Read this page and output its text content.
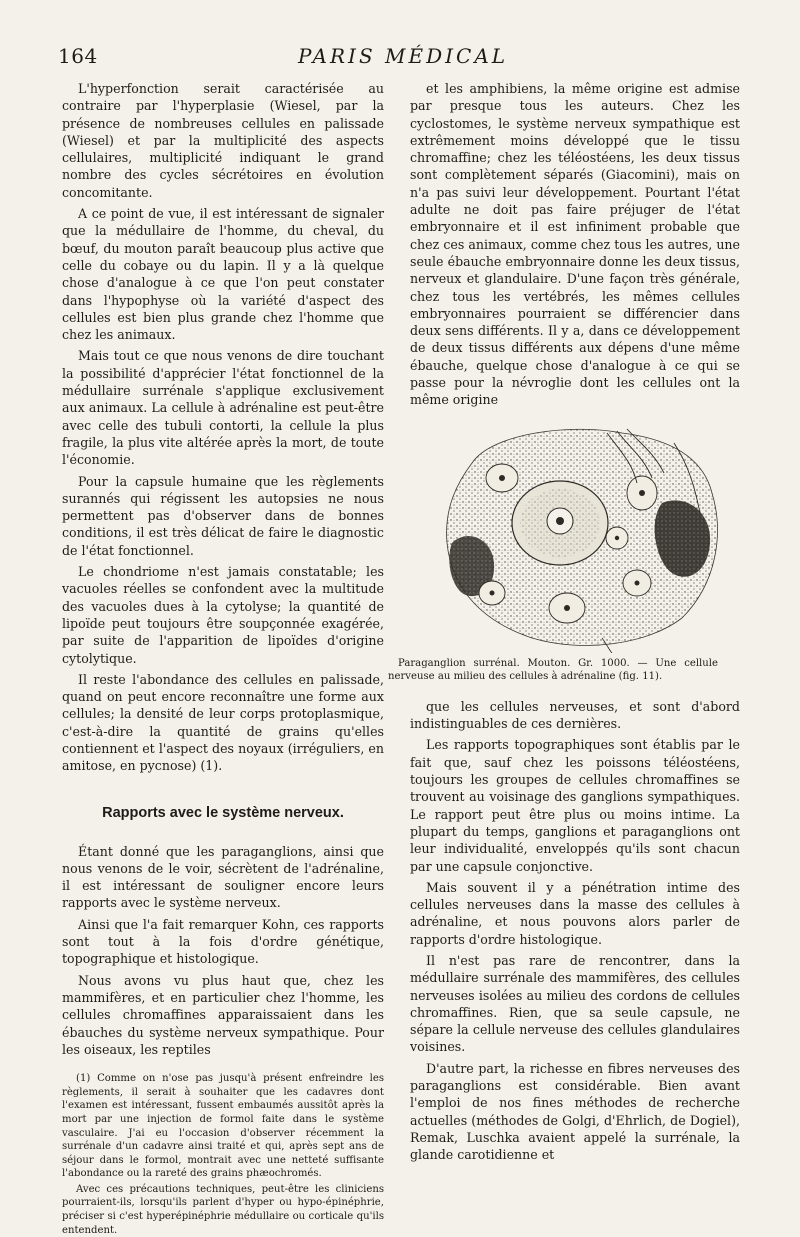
164	PARIS MÉDICAL

L'hyperfonction serait caractérisée au contraire par l'hyperplasie (Wiesel, par la présence de nombreuses cellules en palissade (Wiesel) et par la multiplicité des aspects cellulaires, multiplicité indiquant le grand nombre des cycles sécrétoires en évolution concomitante.

A ce point de vue, il est intéressant de signaler que la médullaire de l'homme, du cheval, du bœuf, du mouton paraît beaucoup plus active que celle du cobaye ou du lapin. Il y a là quelque chose d'analogue à ce que l'on peut constater dans l'hypophyse où la variété d'aspect des cellules est bien plus grande chez l'homme que chez les animaux.

Mais tout ce que nous venons de dire touchant la possibilité d'apprécier l'état fonctionnel de la médullaire surrénale s'applique exclusivement aux animaux. La cellule à adrénaline est peut-être avec celle des tubuli contorti, la cellule la plus fragile, la plus vite altérée après la mort, de toute l'économie.

Pour la capsule humaine que les règlements surannés qui régissent les autopsies ne nous permettent pas d'observer dans de bonnes conditions, il est très délicat de faire le diagnostic de l'état fonctionnel.

Le chondriome n'est jamais constatable; les vacuoles réelles se confondent avec la multitude des vacuoles dues à la cytolyse; la quantité de lipoïde peut toujours être soupçonnée exagérée, par suite de l'apparition de lipoïdes d'origine cytolytique.

Il reste l'abondance des cellules en palissade, quand on peut encore reconnaître une forme aux cellules; la densité de leur corps protoplasmique, c'est-à-dire la quantité de grains qu'elles contiennent et l'aspect des noyaux (irréguliers, en amitose, en pycnose) (1).

Rapports avec le système nerveux.

Étant donné que les paraganglions, ainsi que nous venons de le voir, sécrètent de l'adrénaline, il est intéressant de souligner encore leurs rapports avec le système nerveux.

Ainsi que l'a fait remarquer Kohn, ces rapports sont tout à la fois d'ordre génétique, topographique et histologique.

Nous avons vu plus haut que, chez les mammifères, et en particulier chez l'homme, les cellules chromaffines apparaissaient dans les ébauches du système nerveux sympathique. Pour les oiseaux, les reptiles

(1) Comme on n'ose pas jusqu'à présent enfreindre les règlements, il serait à souhaiter que les cadavres dont l'examen est intéressant, fussent embaumés aussitôt après la mort par une injection de formol faite dans le système vasculaire. J'ai eu l'occasion d'observer récemment la surrénale d'un cadavre ainsi traité et qui, après sept ans de séjour dans le formol, montrait avec une netteté suffisante l'abondance ou la rareté des grains phæochromés.

Avec ces précautions techniques, peut-être les cliniciens pourraient-ils, lorsqu'ils parlent d'hyper ou hypo-épinéphrie, préciser si c'est hyperépinéphrie médullaire ou corticale qu'ils entendent.

et les amphibiens, la même origine est admise par presque tous les auteurs. Chez les cyclostomes, le système nerveux sympathique est extrêmement moins développé que le tissu chromaffine; chez les téléostéens, les deux tissus sont complètement séparés (Giacomini), mais on n'a pas suivi leur développement. Pourtant l'état adulte ne doit pas faire préjuger de l'état embryonnaire et il est infiniment probable que chez ces animaux, comme chez tous les autres, une seule ébauche embryonnaire donne les deux tissus, nerveux et glandulaire. D'une façon très générale, chez tous les vertébrés, les mêmes cellules embryonnaires pourraient se différencier dans deux sens différents. Il y a, dans ce développement de deux tissus différents aux dépens d'une même ébauche, quelque chose d'analogue à ce qui se passe pour la névroglie dont les cellules ont la même origine

Paraganglion surrénal. Mouton. Gr. 1000. — Une cellule nerveuse au milieu des cellules à adrénaline (fig. 11).

que les cellules nerveuses, et sont d'abord indistinguables de ces dernières.

Les rapports topographiques sont établis par le fait que, sauf chez les poissons téléostéens, toujours les groupes de cellules chromaffines se trouvent au voisinage des ganglions sympathiques. Le rapport peut être plus ou moins intime. La plupart du temps, ganglions et paraganglions ont leur individualité, enveloppés qu'ils sont chacun par une capsule conjonctive.

Mais souvent il y a pénétration intime des cellules nerveuses dans la masse des cellules à adrénaline, et nous pouvons alors parler de rapports d'ordre histologique.

Il n'est pas rare de rencontrer, dans la médullaire surrénale des mammifères, des cellules nerveuses isolées au milieu des cordons de cellules chromaffines. Rien, que sa seule capsule, ne sépare la cellule nerveuse des cellules glandulaires voisines.

D'autre part, la richesse en fibres nerveuses des paraganglions est considérable. Bien avant l'emploi de nos fines méthodes de recherche actuelles (méthodes de Golgi, d'Ehrlich, de Dogiel), Remak, Luschka avaient appelé la surrénale, la glande carotidienne et
